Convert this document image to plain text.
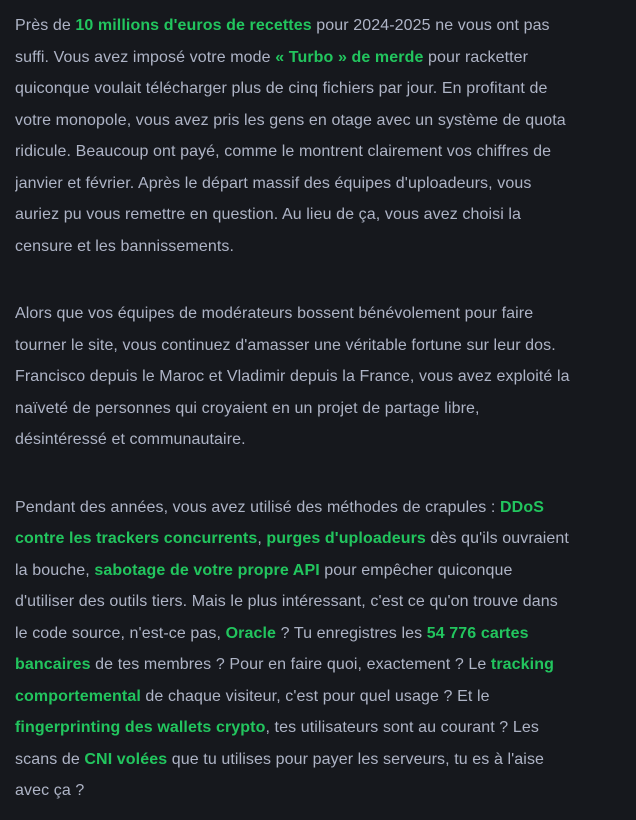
Près de 10 millions d'euros de recettes pour 2024-2025 ne vous ont pas
suffi. Vous avez imposé votre mode « Turbo » de merde pour racketter
quiconque voulait télécharger plus de cinq fichiers par jour. En profitant de
votre monopole, vous avez pris les gens en otage avec un système de quota
ridicule. Beaucoup ont payé, comme le montrent clairement vos chiffres de
janvier et février. Après le départ massif des équipes d'uploadeurs, vous
auriez pu vous remettre en question. Au lieu de ça, vous avez choisi la
censure et les bannissements.
Alors que vos équipes de modérateurs bossent bénévolement pour faire
tourner le site, vous continuez d'amasser une véritable fortune sur leur dos.
Francisco depuis le Maroc et Vladimir depuis la France, vous avez exploité la
naïveté de personnes qui croyaient en un projet de partage libre,
désintéressé et communautaire.
Pendant des années, vous avez utilisé des méthodes de crapules : DDoS
contre les trackers concurrents, purges d'uploadeurs dès qu'ils ouvraient
la bouche, sabotage de votre propre API pour empêcher quiconque
d'utiliser des outils tiers. Mais le plus intéressant, c'est ce qu'on trouve dans
le code source, n'est-ce pas, Oracle ? Tu enregistres les 54 776 cartes
bancaires de tes membres ? Pour en faire quoi, exactement ? Le tracking
comportemental de chaque visiteur, c'est pour quel usage ? Et le
fingerprinting des wallets crypto, tes utilisateurs sont au courant ? Les
scans de CNI volées que tu utilises pour payer les serveurs, tu es à l'aise
avec ça ?
